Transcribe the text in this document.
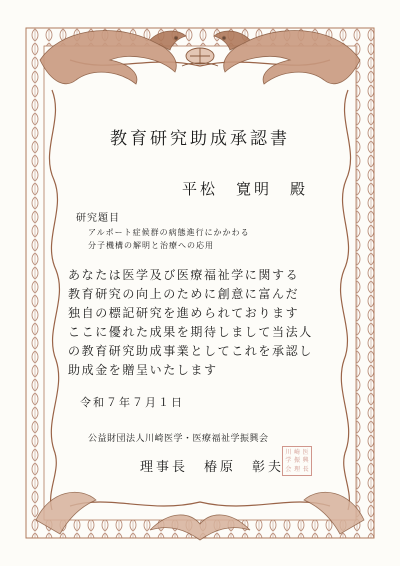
教育研究助成承認書
平松　寛明　殿
研究題目
アルポート症候群の病態進行にかかわる
分子機構の解明と治療への応用
あなたは医学及び医療福祉学に関する
教育研究の向上のために創意に富んだ
独自の標記研究を進められております
ここに優れた成果を期待しまして当法人
の教育研究助成事業としてこれを承認し
助成金を贈呈いたします
令和７年７月１日
公益財団法人川崎医学・医療福祉学振興会
理事長　椿原　彰夫
川 崎 医
学 振 興
会 理 長
